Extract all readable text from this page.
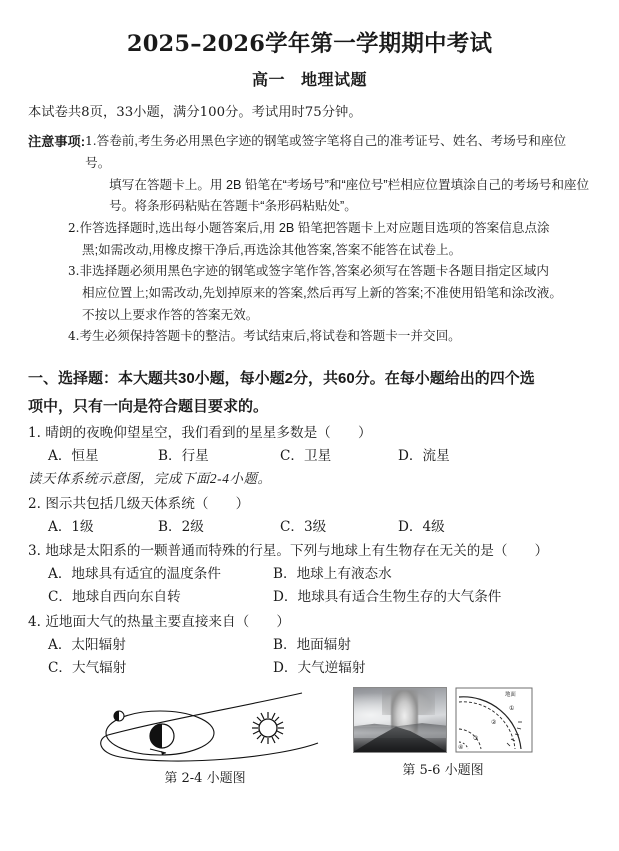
2025–2026学年第一学期期中考试
高一 地理试题

本试卷共8页，33小题，满分100分。考试用时75分钟。

注意事项: 1.答卷前,考生务必用黑色字迹的钢笔或签字笔将自己的准考证号、姓名、考场号和座位号。

填写在答题卡上。用 2B 铅笔在“考场号”和“座位号”栏相应位置填涂自己的考场号和座位

号。将条形码粘贴在答题卡“条形码粘贴处”。

2.作答选择题时,选出每小题答案后,用 2B 铅笔把答题卡上对应题目选项的答案信息点涂

黑;如需改动,用橡皮擦干净后,再选涂其他答案,答案不能答在试卷上。

3.非选择题必须用黑色字迹的钢笔或签字笔作答,答案必须写在答题卡各题目指定区域内

相应位置上;如需改动,先划掉原来的答案,然后再写上新的答案;不准使用铅笔和涂改液。

不按以上要求作答的答案无效。

4.考生必须保持答题卡的整洁。考试结束后,将试卷和答题卡一并交回。

一、选择题：本大题共30小题，每小题2分，共60分。在每小题给出的四个选
项中，只有一向是符合题目要求的。

1. 晴朗的夜晚仰望星空，我们看到的星星多数是（　　）

A．恒星	B．行星	C．卫星	D．流星

读天体系统示意图，完成下面2-4小题。

2. 图示共包括几级天体系统（　　）

A．1级	B．2级	C．3级	D．4级

3. 地球是太阳系的一颗普通而特殊的行星。下列与地球上有生物存在无关的是（　　）

A．地球具有适宜的温度条件	B．地球上有液态水
C．地球自西向东自转	D．地球具有适合生物生存的大气条件

4. 近地面大气的热量主要直接来自（　　）

A．太阳辐射	B．地面辐射
C．大气辐射	D．大气逆辐射
第 2-4 小题图
地面
①
②
③
④
第 5-6 小题图
